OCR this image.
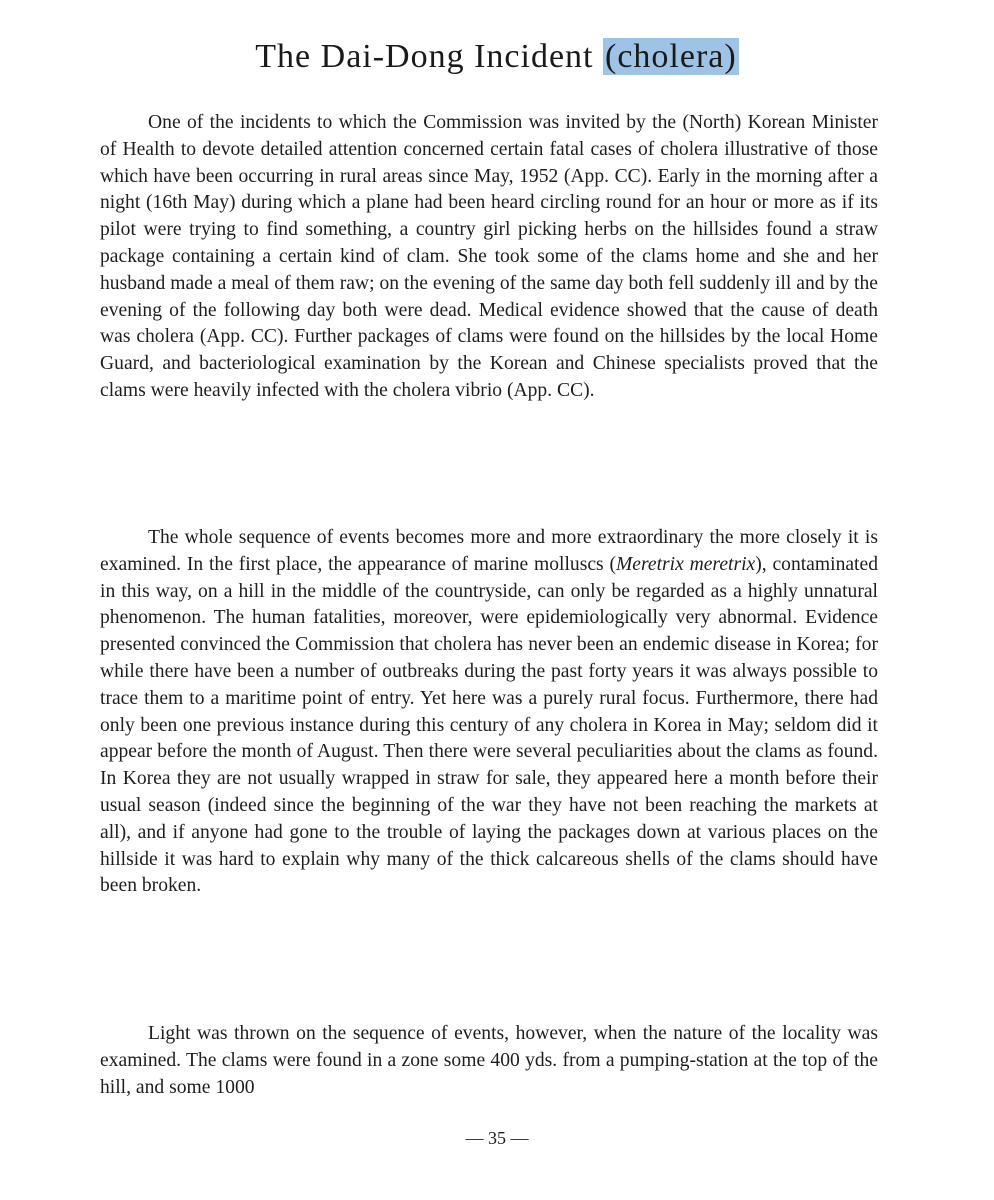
The Dai-Dong Incident (cholera)

One of the incidents to which the Commission was invited by the (North) Korean Minister of Health to devote detailed attention concerned certain fatal cases of cholera illustrative of those which have been occurring in rural areas since May, 1952 (App. CC). Early in the morning after a night (16th May) during which a plane had been heard circling round for an hour or more as if its pilot were trying to find something, a country girl picking herbs on the hillsides found a straw package containing a certain kind of clam. She took some of the clams home and she and her husband made a meal of them raw; on the evening of the same day both fell suddenly ill and by the evening of the following day both were dead. Medical evidence showed that the cause of death was cholera (App. CC). Further packages of clams were found on the hillsides by the local Home Guard, and bacteriological examination by the Korean and Chinese specialists proved that the clams were heavily infected with the cholera vibrio (App. CC).

The whole sequence of events becomes more and more extraordinary the more closely it is examined. In the first place, the appearance of marine molluscs (Meretrix meretrix), contaminated in this way, on a hill in the middle of the countryside, can only be regarded as a highly unnatural phenomenon. The human fatalities, moreover, were epidemiologically very abnormal. Evidence presented convinced the Commission that cholera has never been an endemic disease in Korea; for while there have been a number of outbreaks during the past forty years it was always possible to trace them to a maritime point of entry. Yet here was a purely rural focus. Furthermore, there had only been one previous instance during this century of any cholera in Korea in May; seldom did it appear before the month of August. Then there were several peculiarities about the clams as found. In Korea they are not usually wrapped in straw for sale, they appeared here a month before their usual season (indeed since the beginning of the war they have not been reaching the markets at all), and if anyone had gone to the trouble of laying the packages down at various places on the hillside it was hard to explain why many of the thick calcareous shells of the clams should have been broken.

Light was thrown on the sequence of events, however, when the nature of the locality was examined. The clams were found in a zone some 400 yds. from a pumping-station at the top of the hill, and some 1000

— 35 —
